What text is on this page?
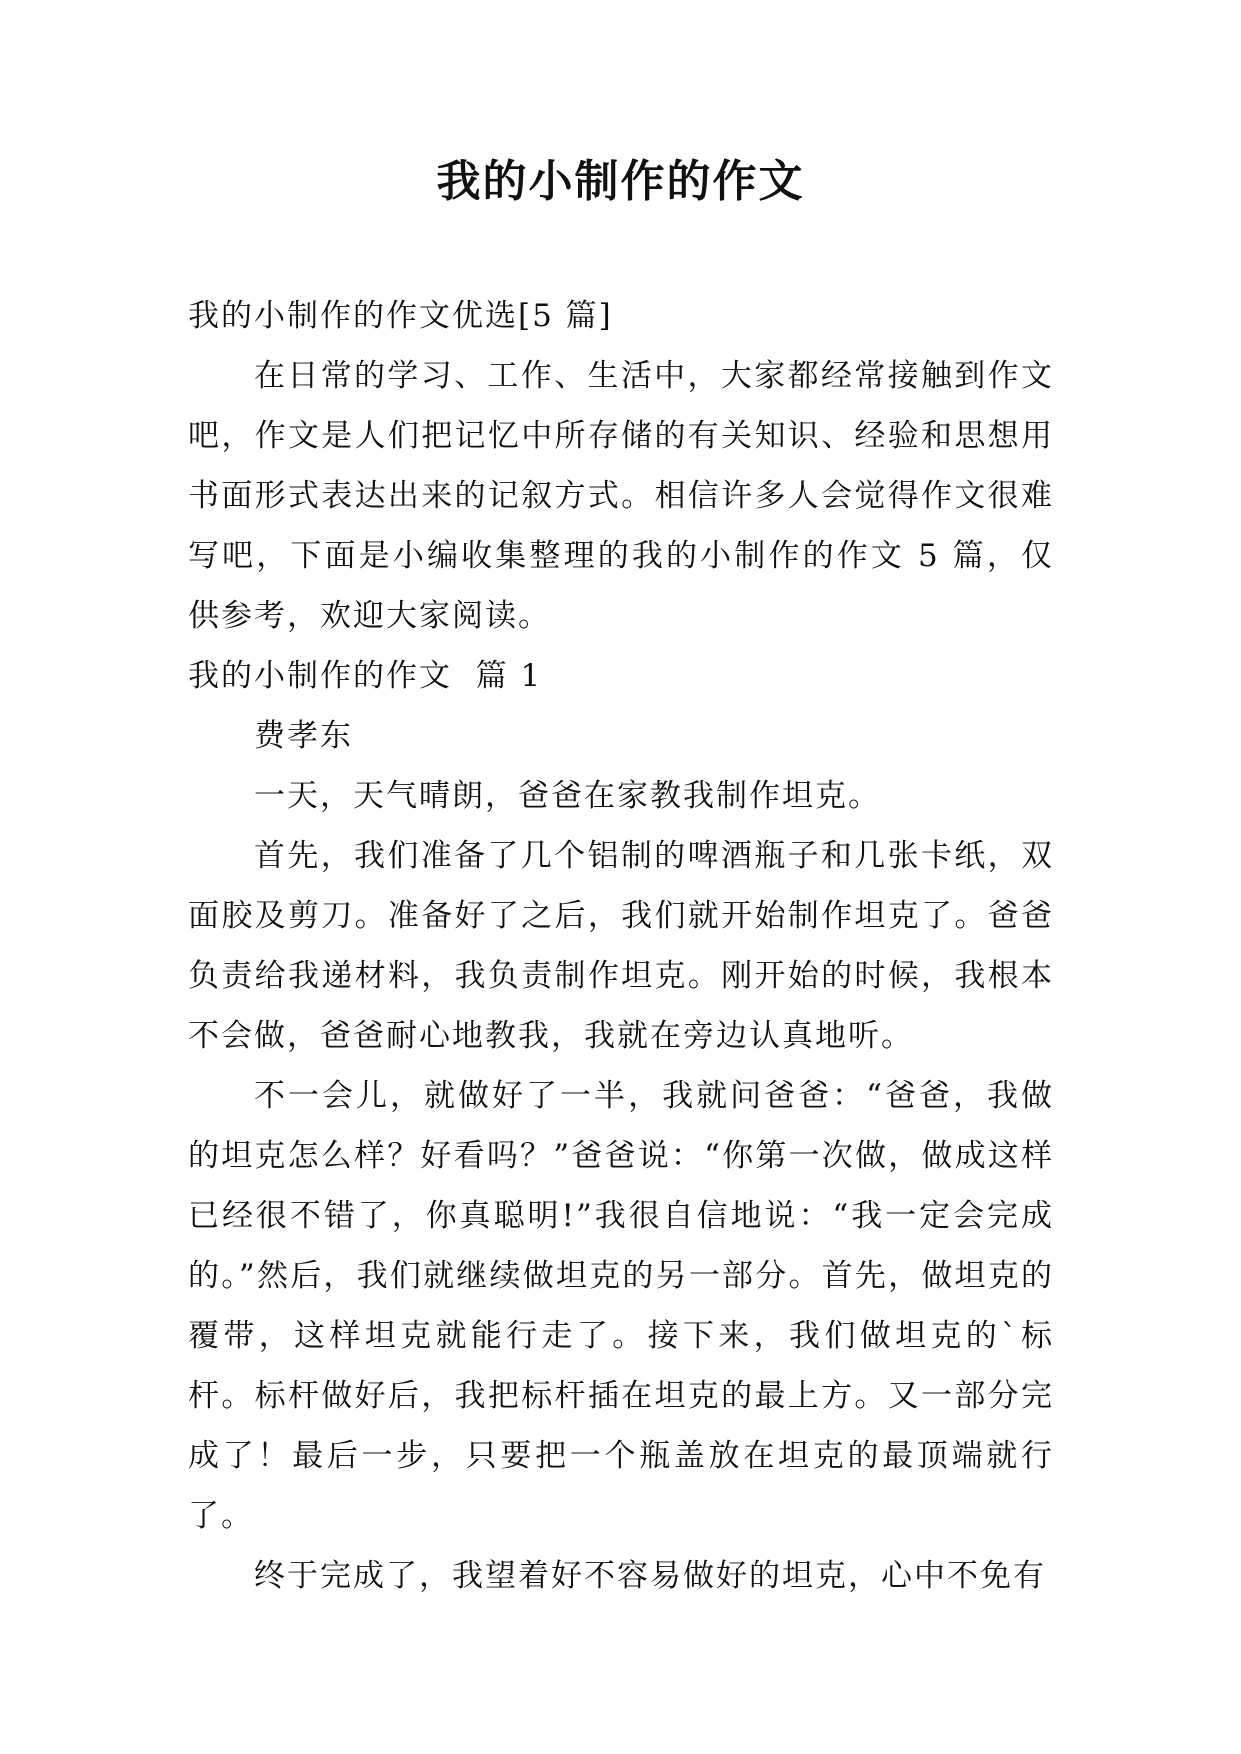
我的小制作的作文

我的小制作的作文优选[5 篇]

在日常的学习、工作、生活中，大家都经常接触到作文吧，作文是人们把记忆中所存储的有关知识、经验和思想用书面形式表达出来的记叙方式。相信许多人会觉得作文很难写吧，下面是小编收集整理的我的小制作的作文 5 篇，仅供参考，欢迎大家阅读。

我的小制作的作文  篇 1

费孝东

一天，天气晴朗，爸爸在家教我制作坦克。

首先，我们准备了几个铝制的啤酒瓶子和几张卡纸，双面胶及剪刀。准备好了之后，我们就开始制作坦克了。爸爸负责给我递材料，我负责制作坦克。刚开始的时候，我根本不会做，爸爸耐心地教我，我就在旁边认真地听。

不一会儿，就做好了一半，我就问爸爸：“爸爸，我做的坦克怎么样？好看吗？”爸爸说：“你第一次做，做成这样已经很不错了，你真聪明!”我很自信地说：“我一定会完成的。”然后，我们就继续做坦克的另一部分。首先，做坦克的覆带，这样坦克就能行走了。接下来，我们做坦克的`标杆。标杆做好后，我把标杆插在坦克的最上方。又一部分完成了！最后一步，只要把一个瓶盖放在坦克的最顶端就行了。

终于完成了，我望着好不容易做好的坦克，心中不免有
